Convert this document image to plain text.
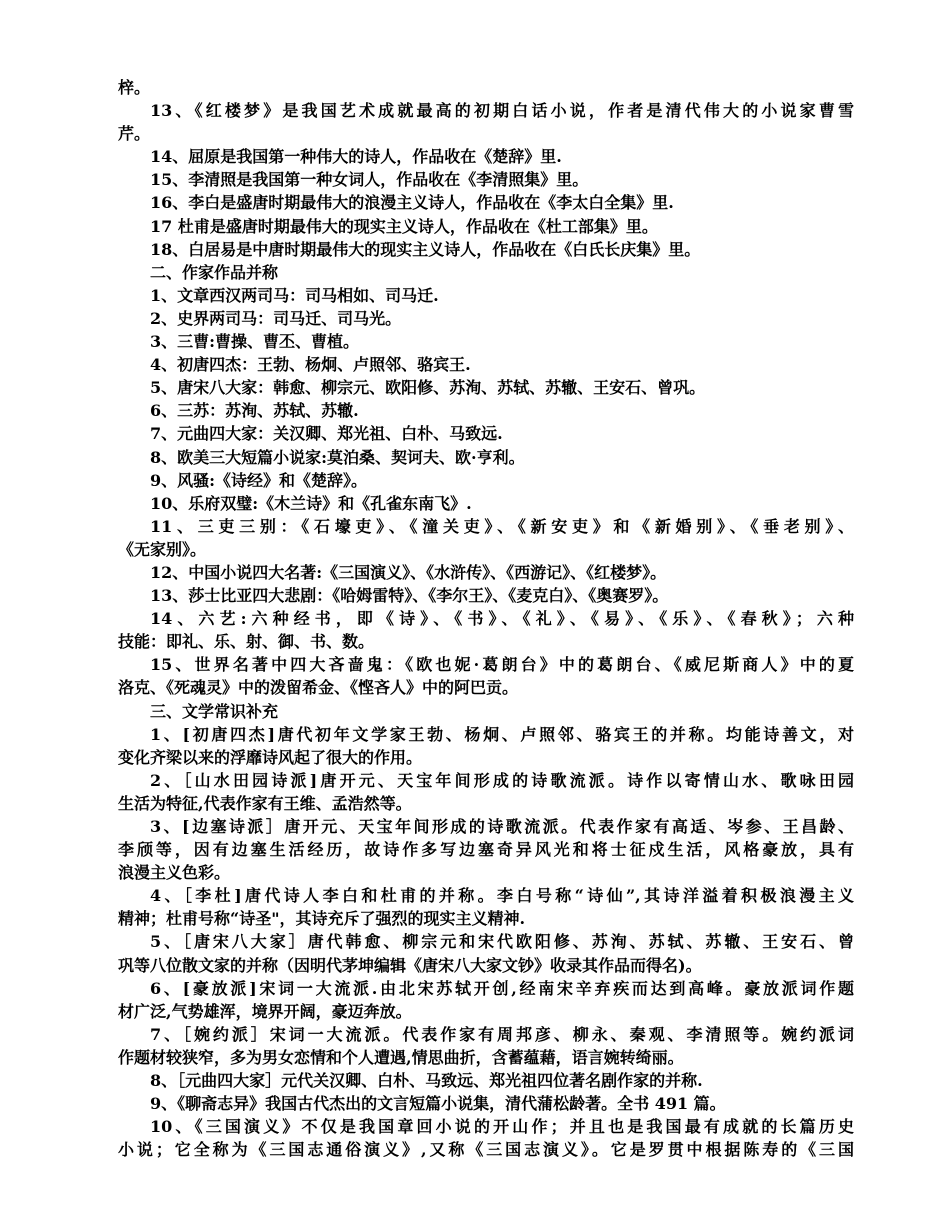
梓。
13、《红楼梦》是我国艺术成就最高的初期白话小说，作者是清代伟大的小说家曹雪
芹。
14、屈原是我国第一种伟大的诗人，作品收在《楚辞》里.
15、李清照是我国第一种女词人，作品收在《李清照集》里。
16、李白是盛唐时期最伟大的浪漫主义诗人，作品收在《李太白全集》里.
17 杜甫是盛唐时期最伟大的现实主义诗人，作品收在《杜工部集》里。
18、白居易是中唐时期最伟大的现实主义诗人，作品收在《白氏长庆集》里。
二、作家作品并称
1、文章西汉两司马：司马相如、司马迁.
2、史界两司马：司马迁、司马光。
3、三曹:曹操、曹丕、曹植。
4、初唐四杰：王勃、杨炯、卢照邻、骆宾王.
5、唐宋八大家：韩愈、柳宗元、欧阳修、苏洵、苏轼、苏辙、王安石、曾巩。
6、三苏：苏洵、苏轼、苏辙.
7、元曲四大家：关汉卿、郑光祖、白朴、马致远.
8、欧美三大短篇小说家:莫泊桑、契诃夫、欧·亨利。
9、风骚:《诗经》和《楚辞》。
10、乐府双璧:《木兰诗》和《孔雀东南飞》.
11、三吏三别：《石壕吏》、《潼关吏》、《新安吏》和《新婚别》、《垂老别》、
《无家别》。
12、中国小说四大名著:《三国演义》、《水浒传》、《西游记》、《红楼梦》。
13、莎士比亚四大悲剧：《哈姆雷特》、《李尔王》、《麦克白》、《奥赛罗》。
14、六艺:六种经书，即《诗》、《书》、《礼》、《易》、《乐》、《春秋》；六种
技能：即礼、乐、射、御、书、数。
15、世界名著中四大吝啬鬼：《欧也妮·葛朗台》中的葛朗台、《威尼斯商人》中的夏
洛克、《死魂灵》中的泼留希金、《悭吝人》中的阿巴贡。
三、文学常识补充
1、[初唐四杰]唐代初年文学家王勃、杨炯、卢照邻、骆宾王的并称。均能诗善文，对
变化齐梁以来的浮靡诗风起了很大的作用。
2、［山水田园诗派]唐开元、天宝年间形成的诗歌流派。诗作以寄情山水、歌咏田园
生活为特征,代表作家有王维、孟浩然等。
3、[边塞诗派］唐开元、天宝年间形成的诗歌流派。代表作家有高适、岑参、王昌龄、
李颀等，因有边塞生活经历，故诗作多写边塞奇异风光和将士征戍生活，风格豪放，具有
浪漫主义色彩。
4、［李杜]唐代诗人李白和杜甫的并称。李白号称“诗仙”,其诗洋溢着积极浪漫主义
精神；杜甫号称“诗圣"，其诗充斥了强烈的现实主义精神.
5、［唐宋八大家］唐代韩愈、柳宗元和宋代欧阳修、苏洵、苏轼、苏辙、王安石、曾
巩等八位散文家的并称（因明代茅坤编辑《唐宋八大家文钞》收录其作品而得名)。
6、[豪放派]宋词一大流派.由北宋苏轼开创,经南宋辛弃疾而达到高峰。豪放派词作题
材广泛,气势雄浑，境界开阔，豪迈奔放。
7、［婉约派］宋词一大流派。代表作家有周邦彦、柳永、秦观、李清照等。婉约派词
作题材较狭窄，多为男女恋情和个人遭遇,情思曲折，含蓄蕴藉，语言婉转绮丽。
8、［元曲四大家］元代关汉卿、白朴、马致远、郑光祖四位著名剧作家的并称.
9、《聊斋志异》我国古代杰出的文言短篇小说集，清代蒲松龄著。全书 491 篇。
10、《三国演义》不仅是我国章回小说的开山作；并且也是我国最有成就的长篇历史
小说；它全称为《三国志通俗演义》,又称《三国志演义》。它是罗贯中根据陈寿的《三国
